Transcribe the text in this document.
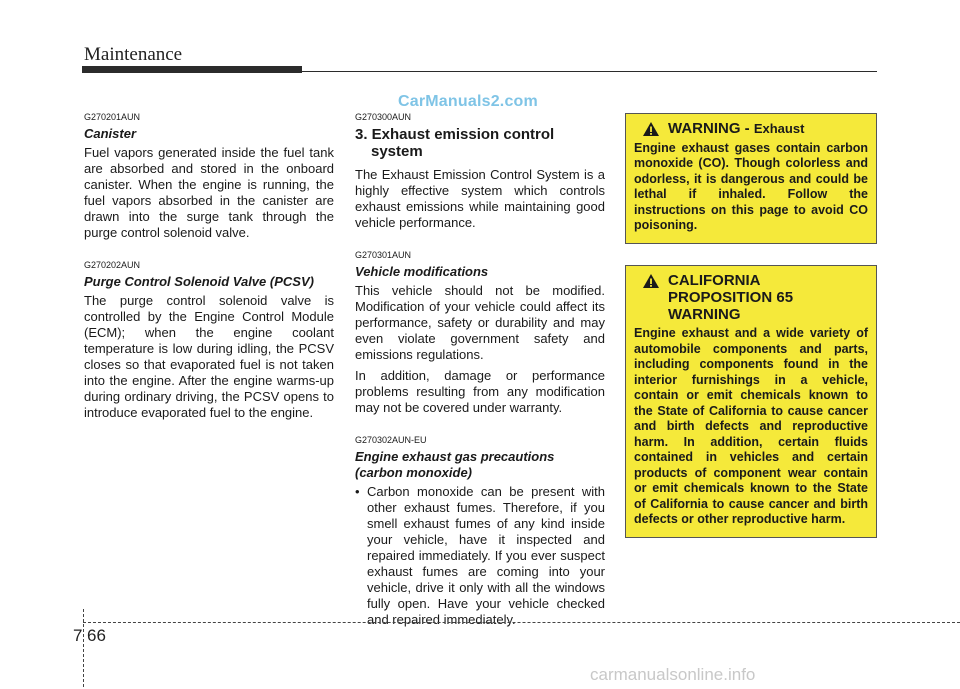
Maintenance
CarManuals2.com
G270201AUN
Canister
Fuel vapors generated inside the fuel tank are absorbed and stored in the onboard canister. When the engine is running, the fuel vapors absorbed in the canister are drawn into the surge tank through the purge control solenoid valve.
G270202AUN
Purge Control Solenoid Valve (PCSV)
The purge control solenoid valve is controlled by the Engine Control Module (ECM); when the engine coolant temperature is low during idling, the PCSV closes so that evaporated fuel is not taken into the engine. After the engine warms-up during ordinary driving, the PCSV opens to introduce evaporated fuel to the engine.
G270300AUN
3. Exhaust emission control system
The Exhaust Emission Control System is a highly effective system which controls exhaust emissions while maintaining good vehicle performance.
G270301AUN
Vehicle modifications
This vehicle should not be modified. Modification of your vehicle could affect its performance, safety or durability and may even violate government safety and emissions regulations.
In addition, damage or performance problems resulting from any modification may not be covered under warranty.
G270302AUN-EU
Engine exhaust gas precautions (carbon monoxide)
• Carbon monoxide can be present with other exhaust fumes. Therefore, if you smell exhaust fumes of any kind inside your vehicle, have it inspected and repaired immediately. If you ever suspect exhaust fumes are coming into your vehicle, drive it only with all the windows fully open. Have your vehicle checked and repaired immediately.
WARNING - Exhaust
Engine exhaust gases contain carbon monoxide (CO). Though colorless and odorless, it is dangerous and could be lethal if inhaled. Follow the instructions on this page to avoid CO poisoning.
CALIFORNIA PROPOSITION 65 WARNING
Engine exhaust and a wide variety of automobile components and parts, including components found in the interior furnishings in a vehicle, contain or emit chemicals known to the State of California to cause cancer and birth defects and reproductive harm. In addition, certain fluids contained in vehicles and certain products of component wear contain or emit chemicals known to the State of California to cause cancer and birth defects or other reproductive harm.
7 66
carmanualsonline.info
